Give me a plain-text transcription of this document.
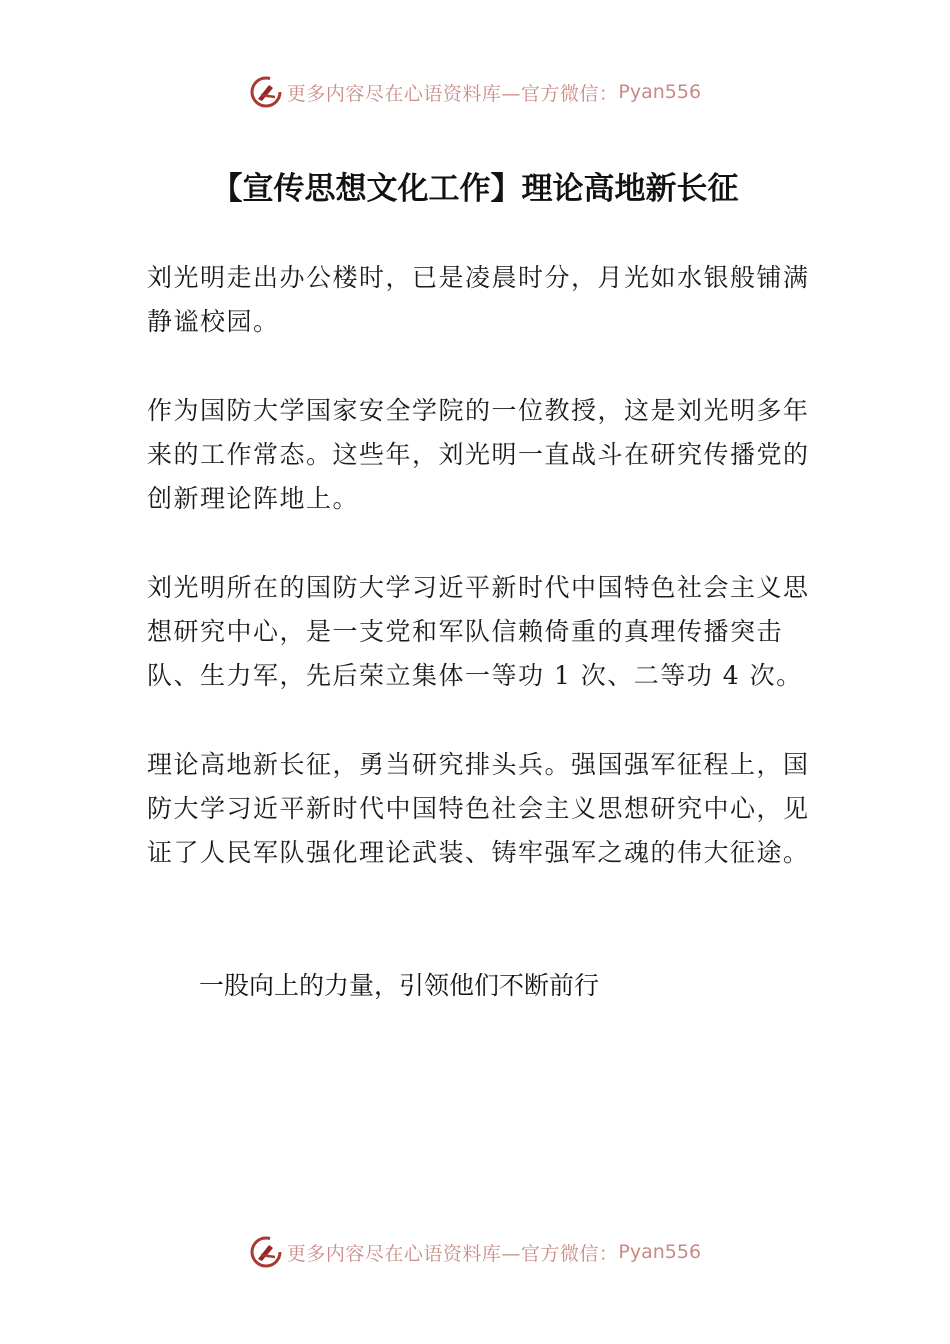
更多内容尽在心语资料库—官方微信： Pyan556
【宣传思想文化工作】理论高地新长征

刘光明走出办公楼时，已是凌晨时分，月光如水银般铺满静谧校园。

作为国防大学国家安全学院的一位教授，这是刘光明多年来的工作常态。这些年，刘光明一直战斗在研究传播党的创新理论阵地上。

刘光明所在的国防大学习近平新时代中国特色社会主义思想研究中心，是一支党和军队信赖倚重的真理传播突击队、生力军，先后荣立集体一等功 1 次、二等功 4 次。

理论高地新长征，勇当研究排头兵。强国强军征程上，国防大学习近平新时代中国特色社会主义思想研究中心，见证了人民军队强化理论武装、铸牢强军之魂的伟大征途。

一股向上的力量，引领他们不断前行

更多内容尽在心语资料库—官方微信： Pyan556
